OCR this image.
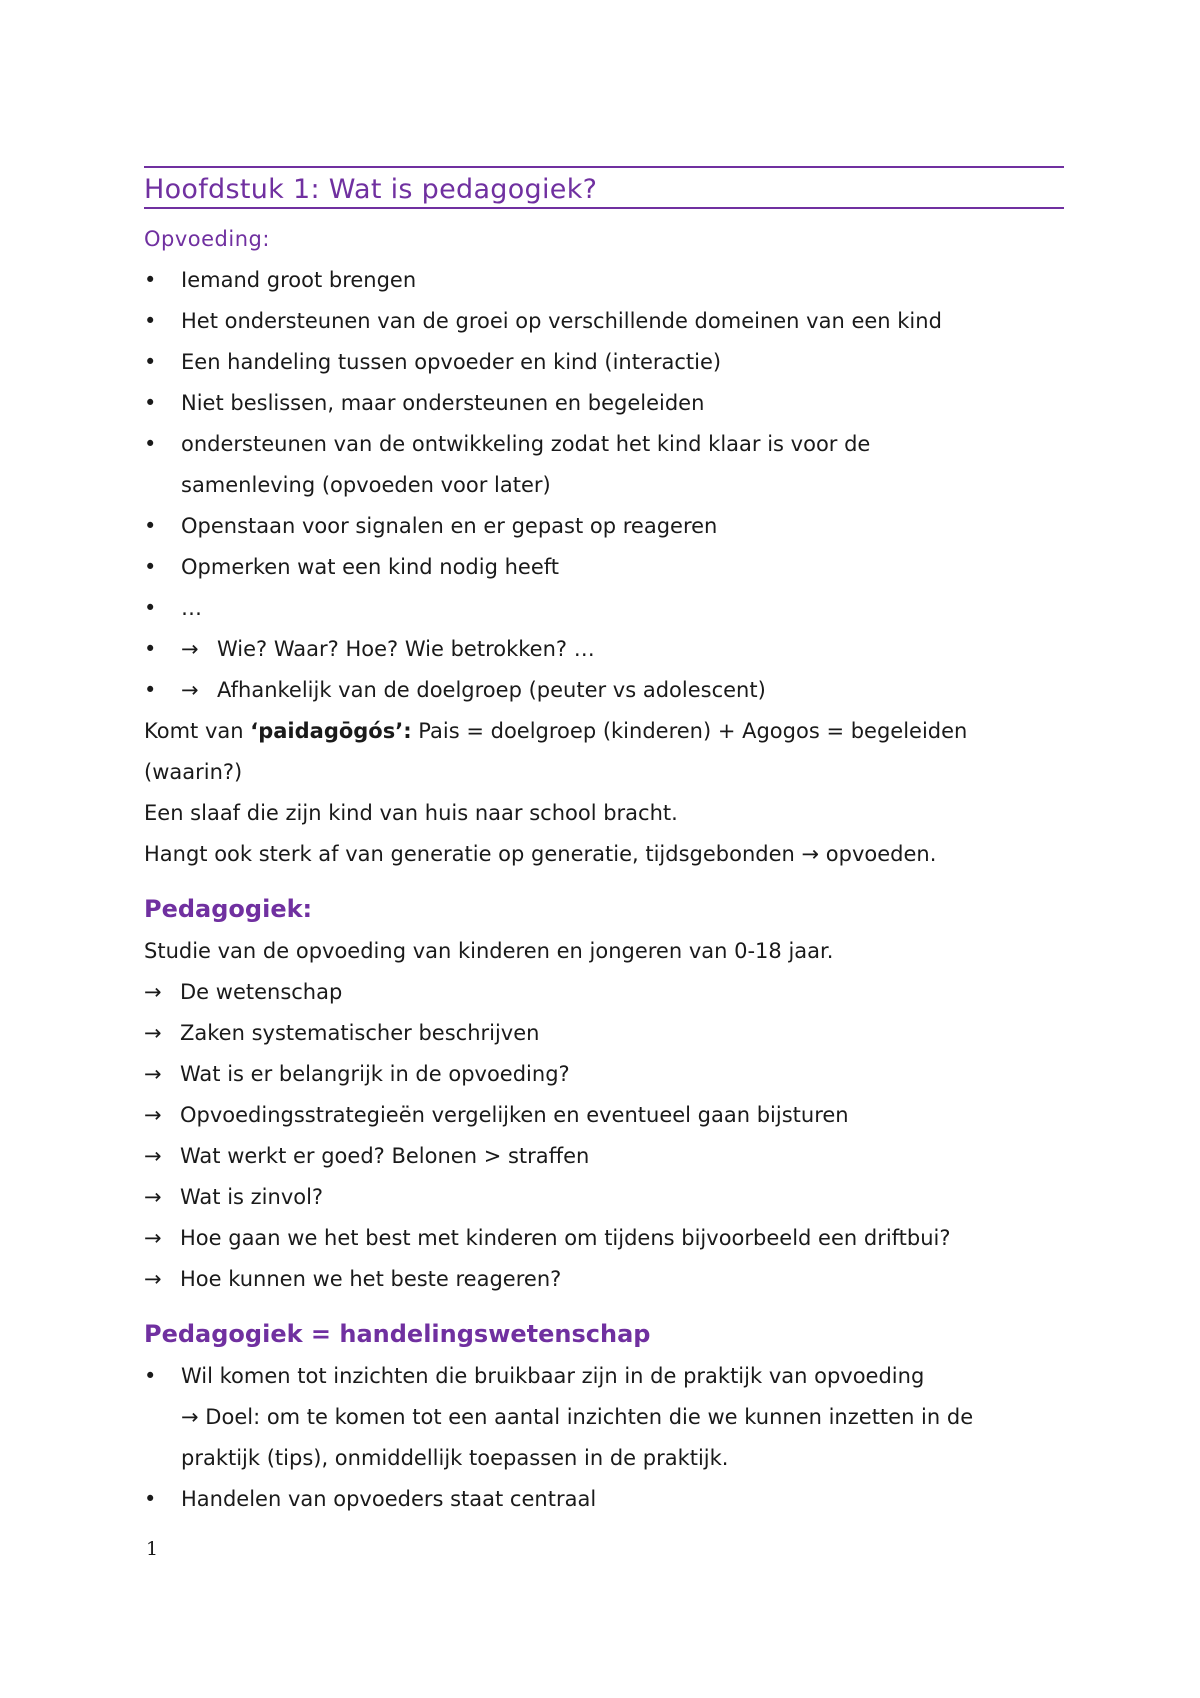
Hoofdstuk 1: Wat is pedagogiek?
Opvoeding:
• Iemand groot brengen
• Het ondersteunen van de groei op verschillende domeinen van een kind
• Een handeling tussen opvoeder en kind (interactie)
• Niet beslissen, maar ondersteunen en begeleiden
• ondersteunen van de ontwikkeling zodat het kind klaar is voor de
samenleving (opvoeden voor later)
• Openstaan voor signalen en er gepast op reageren
• Opmerken wat een kind nodig heeft
• …
• → Wie? Waar? Hoe? Wie betrokken? …
• → Afhankelijk van de doelgroep (peuter vs adolescent)
Komt van ‘paidagōgós’: Pais = doelgroep (kinderen) + Agogos = begeleiden
(waarin?)
Een slaaf die zijn kind van huis naar school bracht.
Hangt ook sterk af van generatie op generatie, tijdsgebonden → opvoeden.
Pedagogiek:
Studie van de opvoeding van kinderen en jongeren van 0-18 jaar.
→ De wetenschap
→ Zaken systematischer beschrijven
→ Wat is er belangrijk in de opvoeding?
→ Opvoedingsstrategieën vergelijken en eventueel gaan bijsturen
→ Wat werkt er goed? Belonen > straffen
→ Wat is zinvol?
→ Hoe gaan we het best met kinderen om tijdens bijvoorbeeld een driftbui?
→ Hoe kunnen we het beste reageren?
Pedagogiek = handelingswetenschap
• Wil komen tot inzichten die bruikbaar zijn in de praktijk van opvoeding
→ Doel: om te komen tot een aantal inzichten die we kunnen inzetten in de
praktijk (tips), onmiddellijk toepassen in de praktijk.
• Handelen van opvoeders staat centraal
1
